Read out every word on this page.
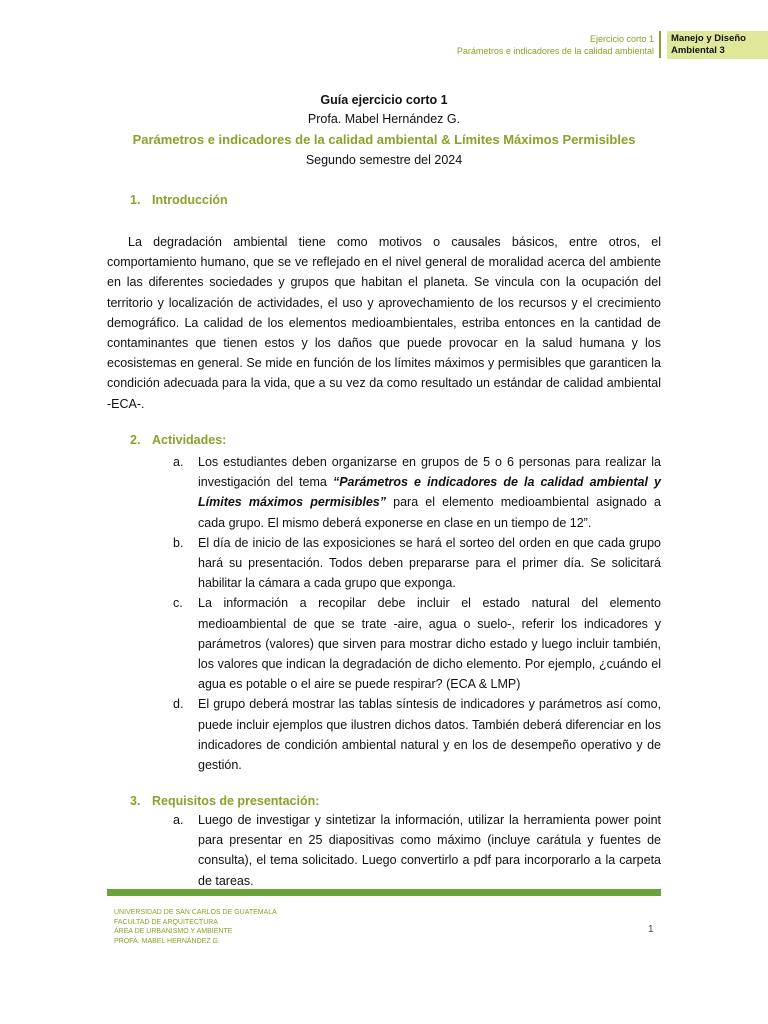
Ejercicio corto 1
Parámetros e indicadores de la calidad ambiental
Manejo y Diseño
Ambiental 3
Guía ejercicio corto 1
Profa. Mabel Hernández G.
Parámetros e indicadores de la calidad ambiental & Límites Máximos Permisibles
Segundo semestre del 2024
1. Introducción

La degradación ambiental tiene como motivos o causales básicos, entre otros, el comportamiento humano, que se ve reflejado en el nivel general de moralidad acerca del ambiente en las diferentes sociedades y grupos que habitan el planeta. Se vincula con la ocupación del territorio y localización de actividades, el uso y aprovechamiento de los recursos y el crecimiento demográfico. La calidad de los elementos medioambientales, estriba entonces en la cantidad de contaminantes que tienen estos y los daños que puede provocar en la salud humana y los ecosistemas en general. Se mide en función de los límites máximos y permisibles que garanticen la condición adecuada para la vida, que a su vez da como resultado un estándar de calidad ambiental -ECA-.

2. Actividades:
a. Los estudiantes deben organizarse en grupos de 5 o 6 personas para realizar la investigación del tema “Parámetros e indicadores de la calidad ambiental y Límites máximos permisibles” para el elemento medioambiental asignado a cada grupo. El mismo deberá exponerse en clase en un tiempo de 12”.
b. El día de inicio de las exposiciones se hará el sorteo del orden en que cada grupo hará su presentación. Todos deben prepararse para el primer día. Se solicitará habilitar la cámara a cada grupo que exponga.
c. La información a recopilar debe incluir el estado natural del elemento medioambiental de que se trate -aire, agua o suelo-, referir los indicadores y parámetros (valores) que sirven para mostrar dicho estado y luego incluir también, los valores que indican la degradación de dicho elemento. Por ejemplo, ¿cuándo el agua es potable o el aire se puede respirar? (ECA & LMP)
d. El grupo deberá mostrar las tablas síntesis de indicadores y parámetros así como, puede incluir ejemplos que ilustren dichos datos. También deberá diferenciar en los indicadores de condición ambiental natural y en los de desempeño operativo y de gestión.
3. Requisitos de presentación:
a. Luego de investigar y sintetizar la información, utilizar la herramienta power point para presentar en 25 diapositivas como máximo (incluye carátula y fuentes de consulta), el tema solicitado. Luego convertirlo a pdf para incorporarlo a la carpeta de tareas.
UNIVERSIDAD DE SAN CARLOS DE GUATEMALA
FACULTAD DE ARQUITECTURA
ÁREA DE URBANISMO Y AMBIENTE
PROFA. MABEL HERNÁNDEZ G.
1
